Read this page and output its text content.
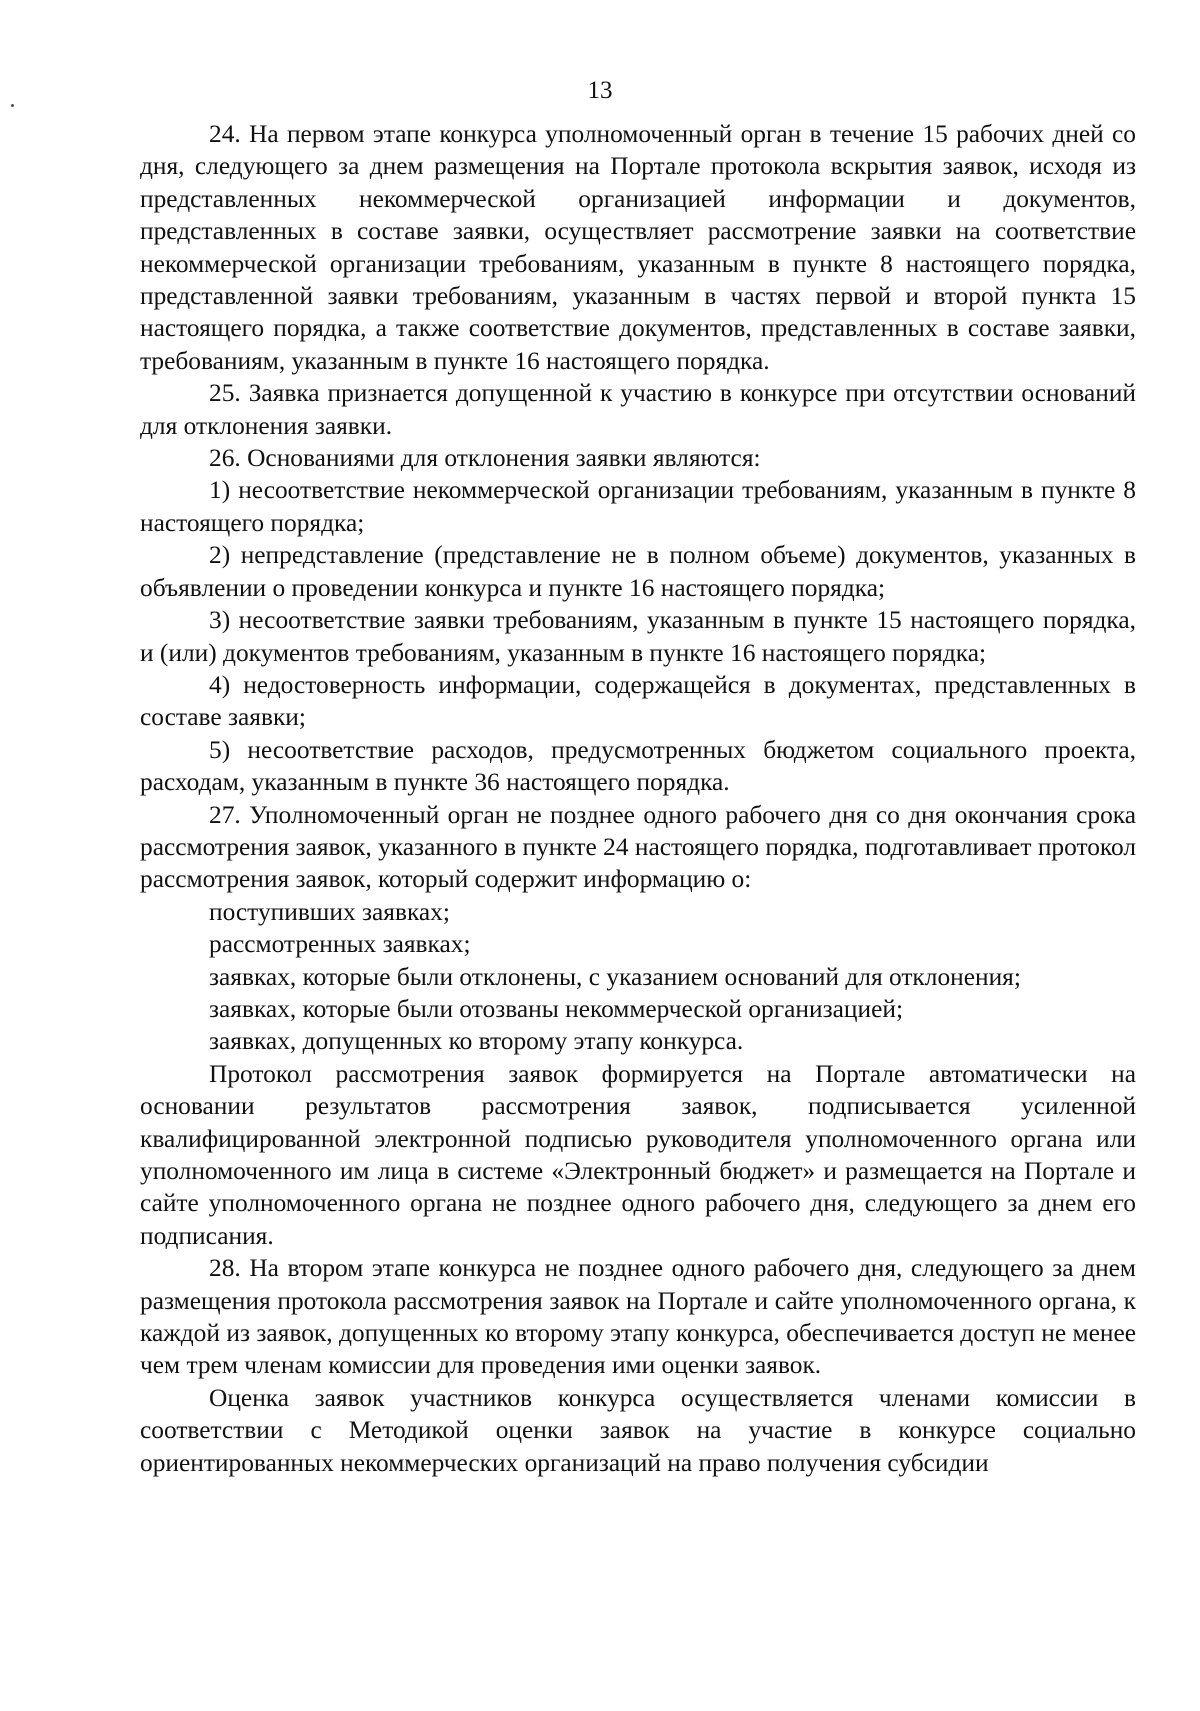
13

24. На первом этапе конкурса уполномоченный орган в течение 15 рабочих дней со дня, следующего за днем размещения на Портале протокола вскрытия заявок, исходя из представленных некоммерческой организацией информации и документов, представленных в составе заявки, осуществляет рассмотрение заявки на соответствие некоммерческой организации требованиям, указанным в пункте 8 настоящего порядка, представленной заявки требованиям, указанным в частях первой и второй пункта 15 настоящего порядка, а также соответствие документов, представленных в составе заявки, требованиям, указанным в пункте 16 настоящего порядка.

25. Заявка признается допущенной к участию в конкурсе при отсутствии оснований для отклонения заявки.

26. Основаниями для отклонения заявки являются:

1) несоответствие некоммерческой организации требованиям, указанным в пункте 8 настоящего порядка;

2) непредставление (представление не в полном объеме) документов, указанных в объявлении о проведении конкурса и пункте 16 настоящего порядка;

3) несоответствие заявки требованиям, указанным в пункте 15 настоящего порядка, и (или) документов требованиям, указанным в пункте 16 настоящего порядка;

4) недостоверность информации, содержащейся в документах, представленных в составе заявки;

5) несоответствие расходов, предусмотренных бюджетом социального проекта, расходам, указанным в пункте 36 настоящего порядка.

27. Уполномоченный орган не позднее одного рабочего дня со дня окончания срока рассмотрения заявок, указанного в пункте 24 настоящего порядка, подготавливает протокол рассмотрения заявок, который содержит информацию о:

поступивших заявках;

рассмотренных заявках;

заявках, которые были отклонены, с указанием оснований для отклонения;

заявках, которые были отозваны некоммерческой организацией;

заявках, допущенных ко второму этапу конкурса.

Протокол рассмотрения заявок формируется на Портале автоматически на основании результатов рассмотрения заявок, подписывается усиленной квалифицированной электронной подписью руководителя уполномоченного органа или уполномоченного им лица в системе «Электронный бюджет» и размещается на Портале и сайте уполномоченного органа не позднее одного рабочего дня, следующего за днем его подписания.

28. На втором этапе конкурса не позднее одного рабочего дня, следующего за днем размещения протокола рассмотрения заявок на Портале и сайте уполномоченного органа, к каждой из заявок, допущенных ко второму этапу конкурса, обеспечивается доступ не менее чем трем членам комиссии для проведения ими оценки заявок.

Оценка заявок участников конкурса осуществляется членами комиссии в соответствии с Методикой оценки заявок на участие в конкурсе социально ориентированных некоммерческих организаций на право получения субсидии
